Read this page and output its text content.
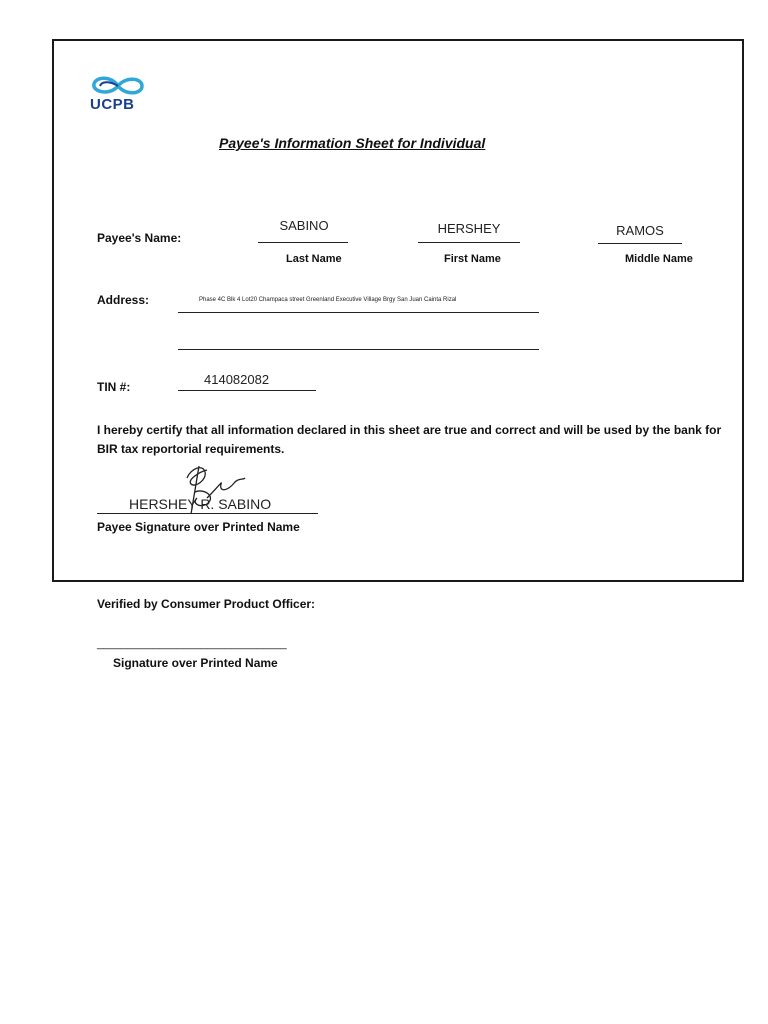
UCPB
Payee's Information Sheet for Individual
Payee's Name:
SABINO
Last Name
HERSHEY
First Name
RAMOS
Middle Name
Address:	Phase 4C Blk 4 Lot20 Champaca street Greenland Executive Village Brgy San Juan Cainta Rizal
TIN #:	414082082
I hereby certify that all information declared in this sheet are true and correct and will be used by the bank for BIR tax reportorial requirements.
HERSHEY R. SABINO
Payee Signature over Printed Name
Verified by Consumer Product Officer:
_______________________________
Signature over Printed Name
